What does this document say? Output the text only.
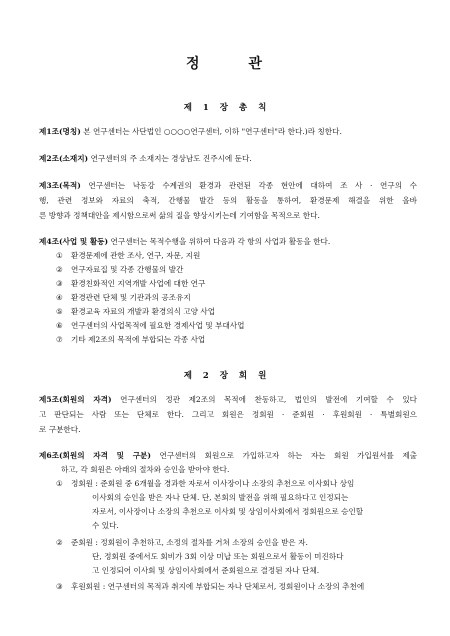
정 관
제 1 장 총 칙
제1조(명칭) 본 연구센터는 사단법인 ○○○○연구센터, 이하 "연구센터"라 한다.)라 칭한다.
제2조(소재지) 연구센터의 주 소재지는 경상남도 진주시에 둔다.
제3조(목적) 연구센터는 낙동강 수계권의 환경과 관련된 각종 현안에 대하여 조 사 · 연구의 수
행, 관련 정보와 자료의 축적, 간행물 발간 등의 활동을 통하여, 환경문제 해결을 위한 올바
른 방향과 정책대안을 제시함으로써 삶의 질을 향상시키는데 기여함을 목적으로 한다.
제4조(사업 및 활동) 연구센터는 목적수행을 위하여 다음과 각 항의 사업과 활동을 한다.
① 환경문제에 관한 조사, 연구, 자문, 지원
② 연구자료집 및 각종 간행물의 발간
③ 환경친화적인 지역개발 사업에 대한 연구
④ 환경관련 단체 및 기관과의 공조유지
⑤ 환경교육 자료의 개발과 환경의식 고양 사업
⑥ 연구센터의 사업목적에 필요한 경제사업 및 부대사업
⑦ 기타 제2조의 목적에 부합되는 각종 사업
제 2 장 회 원
제5조(회원의 자격) 연구센터의 정관 제2조의 목적에 찬동하고, 법인의 발전에 기여할 수 있다
고 판단되는 사람 또는 단체로 한다. 그리고 회원은 정회원 · 준회원 · 후원회원 · 특별회원으
로 구분한다.
제6조(회원의 자격 및 구분) 연구센터의 회원으로 가입하고자 하는 자는 회원 가입원서를 제출
하고, 각 회원은 아래의 절차와 승인을 받아야 한다.
① 정회원 : 준회원 중 6개월을 경과한 자로서 이사장이나 소장의 추천으로 이사회나 상임
이사회의 승인을 받은 자나 단체. 단, 본회의 발전을 위해 필요하다고 인정되는
자로서, 이사장이나 소장의 추천으로 이사회 및 상임이사회에서 정회원으로 승인할
수 있다.
② 준회원 : 정회원이 추천하고, 소정의 절차를 거쳐 소장의 승인을 받은 자.
단, 정회원 중에서도 회비가 3회 이상 미납 또는 회원으로서 활동이 미진하다
고 인정되어 이사회 및 상임이사회에서 준회원으로 결정된 자나 단체.
③ 후원회원 : 연구센터의 목적과 취지에 부합되는 자나 단체로서, 정회원이나 소장의 추천에
